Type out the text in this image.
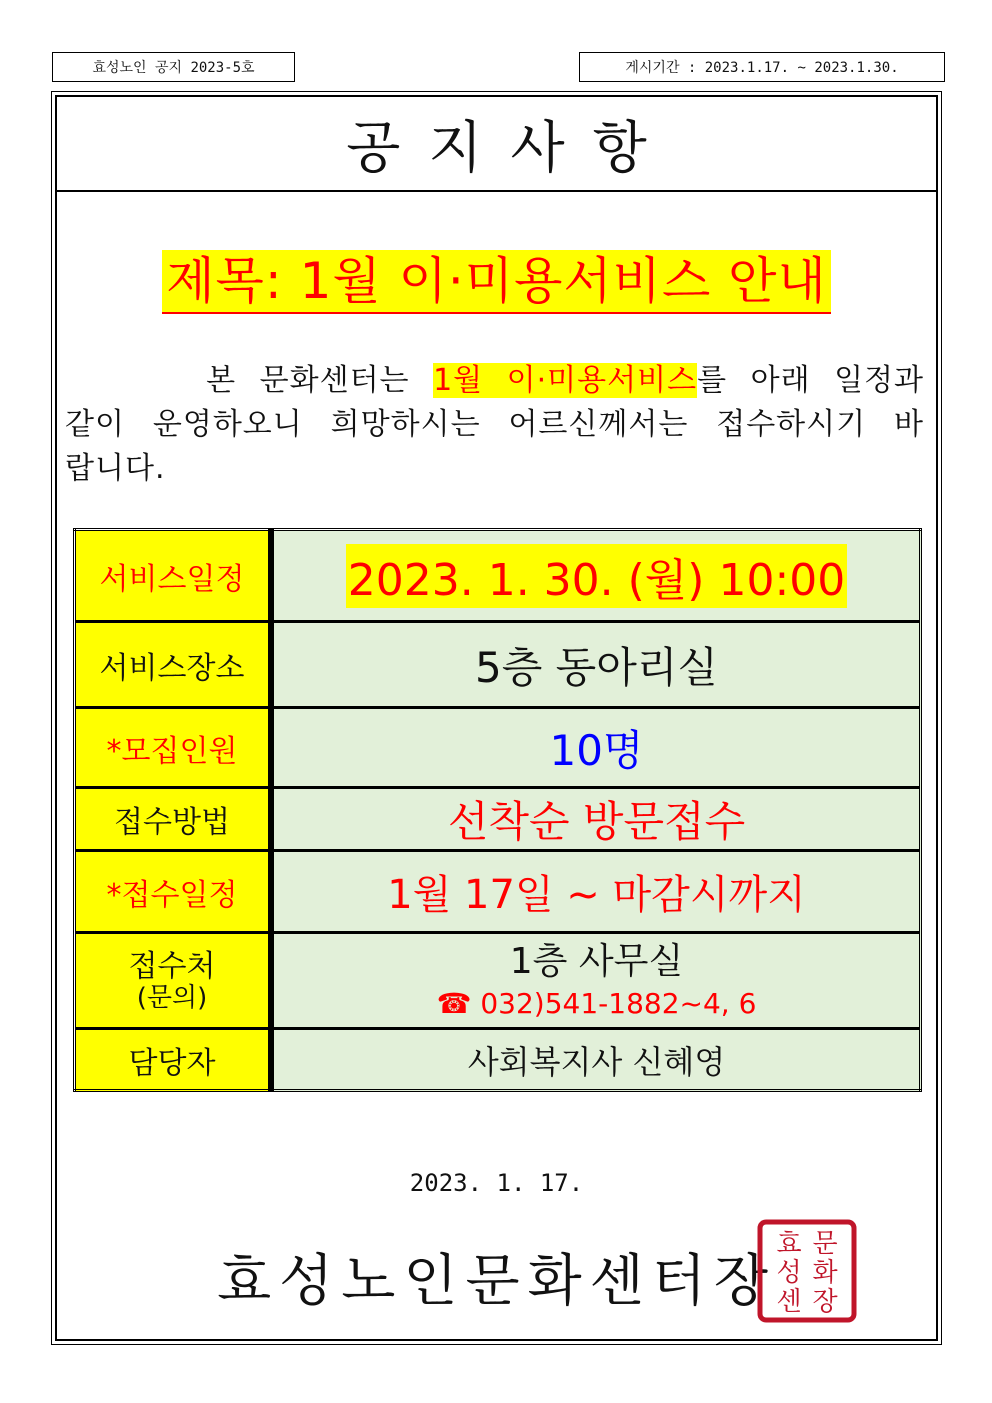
효성노인 공지 2023-5호	게시기간 : 2023.1.17. ~ 2023.1.30.
공지사항
제목: 1월 이·미용서비스 안내
본 문화센터는 1월 이·미용서비스를 아래 일정과 같이 운영하오니 희망하시는 어르신께서는 접수하시기 바랍니다.
서비스일정	2023. 1. 30. (월) 10:00
서비스장소	5층 동아리실
*모집인원	10명
접수방법	선착순 방문접수
*접수일정	1월 17일 ~ 마감시까지

접수처
(문의)	1층 사무실
☎ 032)541-1882~4, 6

담당자	사회복지사 신혜영
2023. 1. 17.
효성노인문화센터장
효 문
성 화
센 장
